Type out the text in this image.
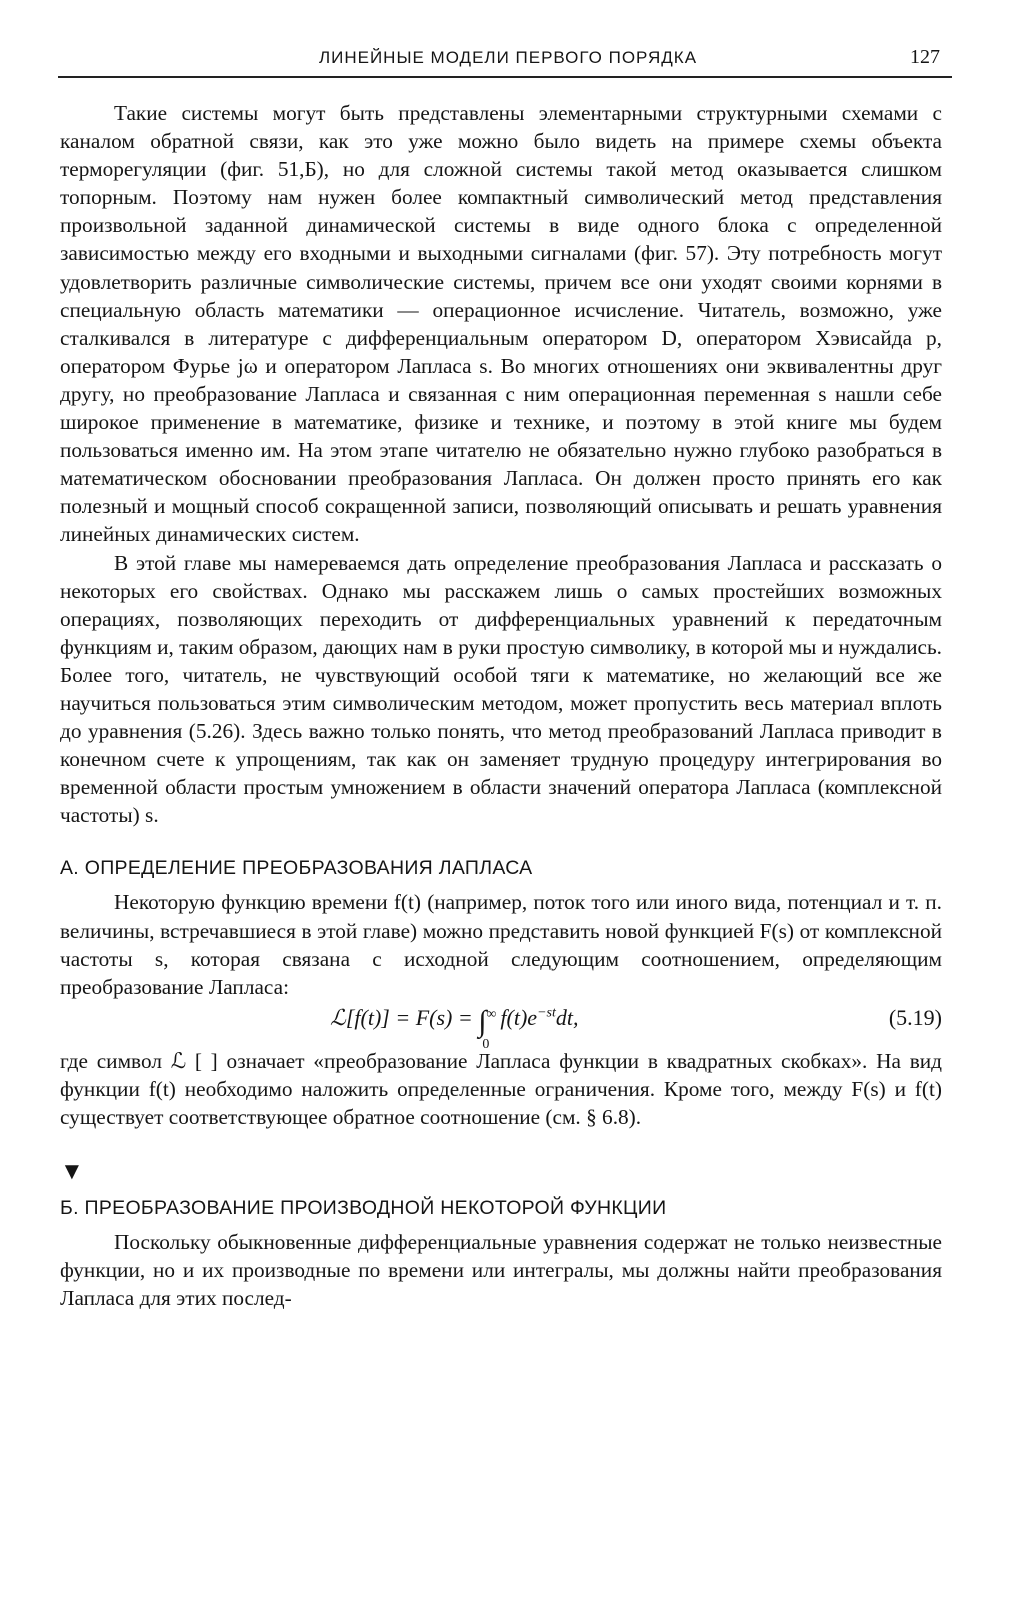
ЛИНЕЙНЫЕ МОДЕЛИ ПЕРВОГО ПОРЯДКА	127

Такие системы могут быть представлены элементарными структурными схемами с каналом обратной связи, как это уже можно было видеть на примере схемы объекта терморегуляции (фиг. 51,Б), но для сложной системы такой метод оказывается слишком топорным. Поэтому нам нужен более компактный символический метод представления произвольной заданной динамической системы в виде одного блока с определенной зависимостью между его входными и выходными сигналами (фиг. 57). Эту потребность могут удовлетворить различные символические системы, причем все они уходят своими корнями в специальную область математики — операционное исчисление. Читатель, возможно, уже сталкивался в литературе с дифференциальным оператором D, оператором Хэвисайда p, оператором Фурье jω и оператором Лапласа s. Во многих отношениях они эквивалентны друг другу, но преобразование Лапласа и связанная с ним операционная переменная s нашли себе широкое применение в математике, физике и технике, и поэтому в этой книге мы будем пользоваться именно им. На этом этапе читателю не обязательно нужно глубоко разобраться в математическом обосновании преобразования Лапласа. Он должен просто принять его как полезный и мощный способ сокращенной записи, позволяющий описывать и решать уравнения линейных динамических систем.

В этой главе мы намереваемся дать определение преобразования Лапласа и рассказать о некоторых его свойствах. Однако мы расскажем лишь о самых простейших возможных операциях, позволяющих переходить от дифференциальных уравнений к передаточным функциям и, таким образом, дающих нам в руки простую символику, в которой мы и нуждались. Более того, читатель, не чувствующий особой тяги к математике, но желающий все же научиться пользоваться этим символическим методом, может пропустить весь материал вплоть до уравнения (5.26). Здесь важно только понять, что метод преобразований Лапласа приводит в конечном счете к упрощениям, так как он заменяет трудную процедуру интегрирования во временной области простым умножением в области значений оператора Лапласа (комплексной частоты) s.

А. ОПРЕДЕЛЕНИЕ ПРЕОБРАЗОВАНИЯ ЛАПЛАСА

Некоторую функцию времени f(t) (например, поток того или иного вида, потенциал и т. п. величины, встречавшиеся в этой главе) можно представить новой функцией F(s) от комплексной частоты s, которая связана с исходной следующим соотношением, определяющим преобразование Лапласа:

ℒ[f(t)] = F(s) = ∫ ∞
0
$f(t)e^{-st}dt$,	(5.19)

где символ ℒ [ ] означает «преобразование Лапласа функции в квадратных скобках». На вид функции f(t) необходимо наложить определенные ограничения. Кроме того, между F(s) и f(t) существует соответствующее обратное соотношение (см. § 6.8).

▼
Б. ПРЕОБРАЗОВАНИЕ ПРОИЗВОДНОЙ НЕКОТОРОЙ ФУНКЦИИ

Поскольку обыкновенные дифференциальные уравнения содержат не только неизвестные функции, но и их производные по времени или интегралы, мы должны найти преобразования Лапласа для этих послед-
